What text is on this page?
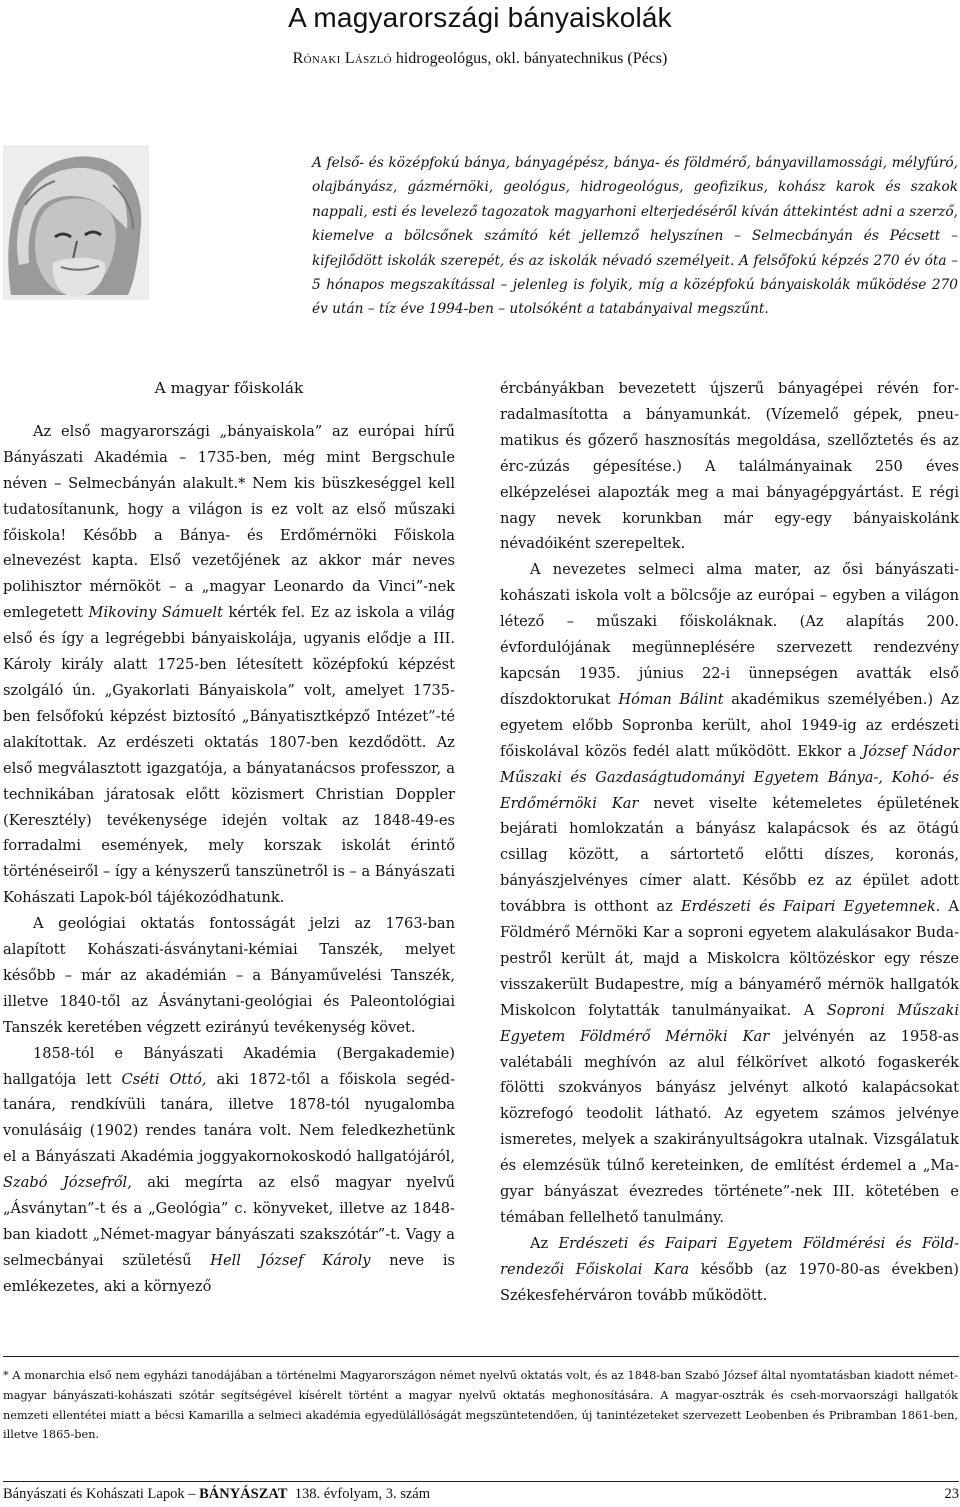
A magyarországi bányaiskolák
Rónaki László hidrogeológus, okl. bányatechnikus (Pécs)

A felső- és középfokú bánya, bányagépész, bánya- és földmérő, bányavillamossági, mélyfúró, olajbányász, gázmérnöki, geológus, hidrogeológus, geofizikus, kohász karok és szakok nappali, esti és levelező tagozatok magyarhoni elterjedéséről kíván áttekintést adni a szerző, kiemelve a bölcsőnek számító két jellemző helyszínen – Selmecbányán és Pécsett – kifejlődött iskolák szerepét, és az iskolák névadó személyeit. A felsőfokú képzés 270 év óta – 5 hónapos megszakítással – jelenleg is folyik, míg a középfokú bányaiskolák működése 270 év után – tíz éve 1994-ben – utolsóként a tatabányaival megszűnt.

A magyar főiskolák

Az első magyarországi „bányaiskola” az európai hírű Bányászati Akadémia – 1735-ben, még mint Bergschule néven – Selmecbányán alakult.* Nem kis büszkeséggel kell tudatosítanunk, hogy a világon is ez volt az első műszaki főiskola! Később a Bánya- és Erdőmérnöki Főiskola elnevezést kapta. Első vezetőjének az akkor már neves polihisztor mérnököt – a „magyar Leonardo da Vinci”-nek emlegetett Mikoviny Sámuelt kérték fel. Ez az iskola a világ első és így a legrégebbi bányaiskolája, ugyanis elődje a III. Károly király alatt 1725-ben létesített középfokú képzést szolgáló ún. „Gyakorlati Bányaiskola” volt, amelyet 1735-ben felsőfokú képzést biztosító „Bányatisztképző Intézet”-té alakítottak. Az erdészeti oktatás 1807-ben kezdődött. Az első megválasztott igazgatója, a bányatanácsos professzor, a technikában járatosak előtt közismert Christian Doppler (Keresztély) tevékenysége idején voltak az 1848-49-es forradalmi események, mely korszak iskolát érintő történéseiről – így a kényszerű tanszünetről is – a Bányászati Kohászati Lapok-ból tájékozódhatunk.

A geológiai oktatás fontosságát jelzi az 1763-ban alapított Kohászati-ásványtani-kémiai Tanszék, melyet később – már az akadémián – a Bányaművelési Tanszék, illetve 1840-től az Ásványtani-geológiai és Paleontológiai Tanszék keretében végzett ezirányú tevékenység követ.

1858-tól e Bányászati Akadémia (Bergakademie) hallgatója lett Cséti Ottó, aki 1872-től a főiskola segédtanára, rendkívüli tanára, illetve 1878-tól nyugalomba vonulásáig (1902) rendes tanára volt. Nem feledkezhetünk el a Bányászati Akadémia joggyakornokoskodó hallgatójáról, Szabó Józsefről, aki megírta az első magyar nyelvű „Ásványtan”-t és a „Geológia” c. könyveket, illetve az 1848-ban kiadott „Német-magyar bányászati szakszótár”-t. Vagy a selmecbányai születésű Hell József Károly neve is emlékezetes, aki a környező

ércbányákban bevezetett újszerű bányagépei révén forradalmasította a bányamunkát. (Vízemelő gépek, pneumatikus és gőzerő hasznosítás megoldása, szellőztetés és az érc-zúzás gépesítése.) A találmányainak 250 éves elképzelései alapozták meg a mai bányagépgyártást. E régi nagy nevek korunkban már egy-egy bányaiskolánk névadóiként szerepeltek.

A nevezetes selmeci alma mater, az ősi bányászati-kohászati iskola volt a bölcsője az európai – egyben a világon létező – műszaki főiskoláknak. (Az alapítás 200. évfordulójának megünneplésére szervezett rendezvény kapcsán 1935. június 22-i ünnepségen avatták első díszdoktorukat Hóman Bálint akadémikus személyében.) Az egyetem előbb Sopronba került, ahol 1949-ig az erdészeti főiskolával közös fedél alatt működött. Ekkor a József Nádor Műszaki és Gazdaságtudományi Egyetem Bánya-, Kohó- és Erdőmérnöki Kar nevet viselte kétemeletes épületének bejárati homlokzatán a bányász kalapácsok és az ötágú csillag között, a sártortető előtti díszes, koronás, bányászjelvényes címer alatt. Később ez az épület adott továbbra is otthont az Erdészeti és Faipari Egyetemnek. A Földmérő Mérnöki Kar a soproni egyetem alakulásakor Budapestről került át, majd a Miskolcra költözéskor egy része visszakerült Budapestre, míg a bányamérő mérnök hallgatók Miskolcon folytatták tanulmányaikat. A Soproni Műszaki Egyetem Földmérő Mérnöki Kar jelvényén az 1958-as valétabáli meghívón az alul félkörívet alkotó fogaskerék fölötti szokványos bányász jelvényt alkotó kalapácsokat közrefogó teodolit látható. Az egyetem számos jelvénye ismeretes, melyek a szakirányultságokra utalnak. Vizsgálatuk és elemzésük túlnő kereteinken, de említést érdemel a „Magyar bányászat évezredes története”-nek III. kötetében e témában fellelhető tanulmány.

Az Erdészeti és Faipari Egyetem Földmérési és Földrendezői Főiskolai Kara később (az 1970-80-as években) Székesfehérváron tovább működött.

* A monarchia első nem egyházi tanodájában a történelmi Magyarországon német nyelvű oktatás volt, és az 1848-ban Szabó József által nyomtatásban kiadott német-magyar bányászati-kohászati szótár segítségével kísérelt történt a magyar nyelvű oktatás meghonosítására. A magyar-osztrák és cseh-morvaországi hallgatók nemzeti ellentétei miatt a bécsi Kamarilla a selmeci akadémia egyedülállóságát megszüntetendően, új tanintézeteket szervezett Leobenben és Pribramban 1861-ben, illetve 1865-ben.

Bányászati és Kohászati Lapok – BÁNYÁSZAT  138. évfolyam, 3. szám	23
